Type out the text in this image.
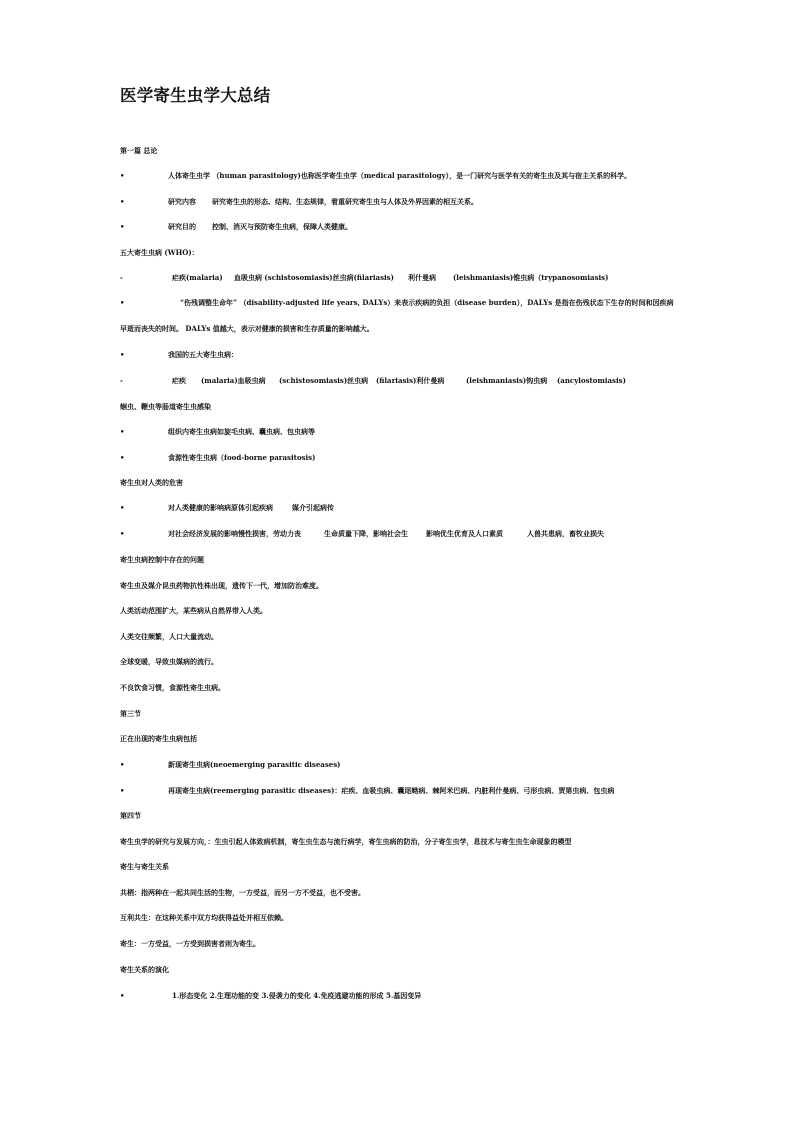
医学寄生虫学大总结
第一篇 总论
•	人体寄生虫学 （human parasitology)也称医学寄生虫学（medical parasitology），是一门研究与医学有关的寄生虫及其与宿主关系的科学。
•	研究内容 研究寄生虫的形态、结构、生态规律，着重研究寄生虫与人体及外界因素的相互关系。
•	研究目的 控制、消灭与预防寄生虫病，保障人类健康。
五大寄生虫病 (WHO)：
-	疟疾(malaria) 血吸虫病 (schistosomiasis)丝虫病(filariasis) 利什曼病 (leishmaniasis)锥虫病（trypanosomiasis)
•	“伤残调整生命年” （disability-adjusted life years, DALYs）来表示疾病的负担（disease burden），DALYs 是指在伤残状态下生存的时间和因疾病
早逝而丧失的时间。 DALYs 值越大，表示对健康的损害和生存质量的影响越大。
•	我国的五大寄生虫病：
-	疟疾 (malaria)血吸虫病 (schistosomiasis)丝虫病 (filariasis)利什曼病	(leishmaniasis)钩虫病 (ancylostomiasis)
蛔虫、鞭虫等肠道寄生虫感染
•	组织内寄生虫病如旋毛虫病、囊虫病、包虫病等
•	食源性寄生虫病（food-borne parasitosis)
寄生虫对人类的危害
•	对人类健康的影响病原体引起疾病	媒介引起病传
•	对社会经济发展的影响慢性损害，劳动力丧	生命质量下降，影响社会生	影响优生优育及人口素质	人兽共患病，畜牧业损失
寄生虫病控制中存在的问题
寄生虫及媒介昆虫药物抗性株出现，遗传下一代，增加防治难度。
人类活动范围扩大，某些病从自然界带入人类。
人类交往频繁，人口大量流动。
全球变暖，导致虫媒病的流行。
不良饮食习惯，食源性寄生虫病。
第三节
正在出现的寄生虫病包括
•	新现寄生虫病(neoemerging parasitic diseases)
•	再现寄生虫病(reemerging parasitic diseases)：疟疾、血吸虫病、囊尾蚴病、棘阿米巴病、内脏利什曼病、弓形虫病、贾第虫病、包虫病
第四节
寄生虫学的研究与发展方向，：生虫引起人体致病机制，寄生虫生态与流行病学，寄生虫病的防治，分子寄生虫学，息技术与寄生虫生命现象的模型
寄生与寄生关系
共栖：指两种在一起共同生活的生物，一方受益，而另一方不受益，也不受害。
互利共生：在这种关系中双方均获得益处并相互依赖。
寄生：一方受益，一方受到损害者则为寄生。
寄生关系的演化
•	1.形态变化 2.生理功能的变 3.侵袭力的变化 4.免疫逃避功能的形成 5.基因变异
